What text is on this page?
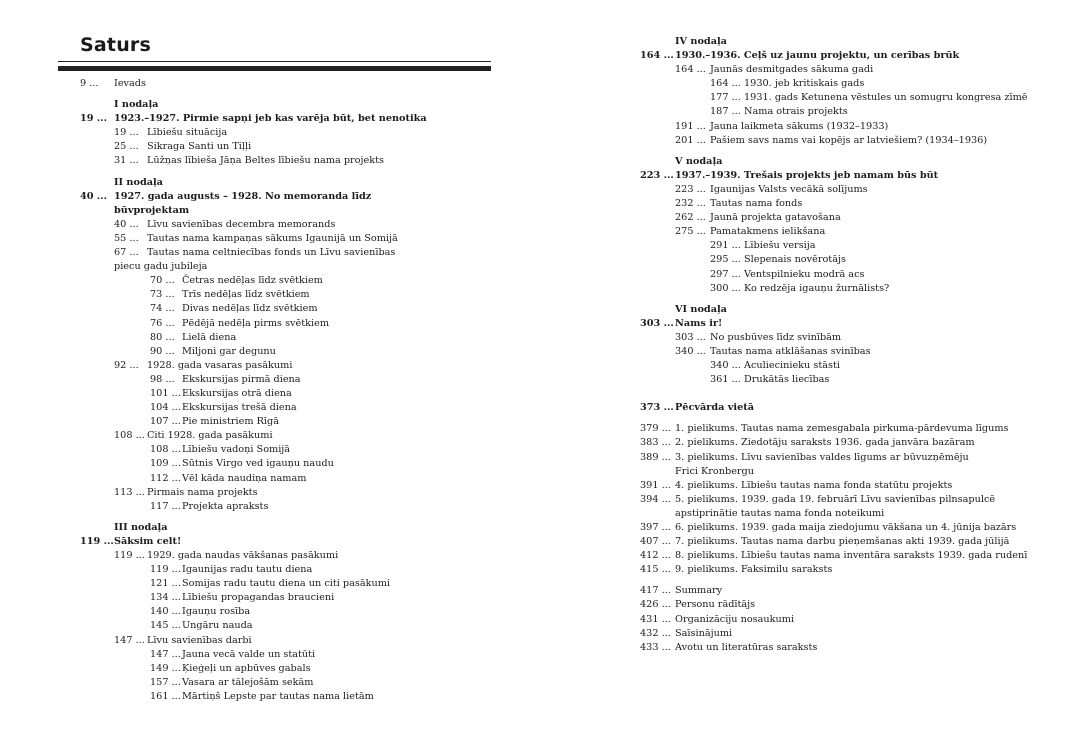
Saturs
9 ... Ievads
I nodaļa
19 ... 1923.–1927. Pirmie sapņi jeb kas varēja būt, bet nenotika
19 ... Lībiešu situācija
25 ... Sikraga Santi un Tiļļi
31 ... Lūžņas lībieša Jāņa Beltes lībiešu nama projekts
II nodaļa
40 ... 1927. gada augusts – 1928. No memoranda līdz
būvprojektam
40 ... Līvu savienības decembra memorands
55 ... Tautas nama kampaņas sākums Igaunijā un Somijā
67 ... Tautas nama celtniecības fonds un Līvu savienības
piecu gadu jubileja
70 ... Četras nedēļas līdz svētkiem
73 ... Trīs nedēļas līdz svētkiem
74 ... Divas nedēļas līdz svētkiem
76 ... Pēdējā nedēļa pirms svētkiem
80 ... Lielā diena
90 ... Miljoni gar degunu
92 ... 1928. gada vasaras pasākumi
98 ... Ekskursijas pirmā diena
101 ... Ekskursijas otrā diena
104 ... Ekskursijas trešā diena
107 ... Pie ministriem Rīgā
108 ... Citi 1928. gada pasākumi
108 ... Lībiešu vadoņi Somijā
109 ... Sūtnis Virgo ved igauņu naudu
112 ... Vēl kāda naudiņa namam
113 ... Pirmais nama projekts
117 ... Projekta apraksts
III nodaļa
119 ... Sāksim celt!
119 ... 1929. gada naudas vākšanas pasākumi
119 ... Igaunijas radu tautu diena
121 ... Somijas radu tautu diena un citi pasākumi
134 ... Lībiešu propagandas braucieni
140 ... Igauņu rosība
145 ... Ungāru nauda
147 ... Līvu savienības darbi
147 ... Jauna vecā valde un statūti
149 ... Ķieģeļi un apbūves gabals
157 ... Vasara ar tālejošām sekām
161 ... Mārtiņš Lepste par tautas nama lietām
IV nodaļa
164 ... 1930.–1936. Ceļš uz jaunu projektu, un cerības brūk
164 ... Jaunās desmitgades sākuma gadi
164 ... 1930. jeb kritiskais gads
177 ... 1931. gads Ketunena vēstules un somugru kongresa zīmē
187 ... Nama otrais projekts
191 ... Jauna laikmeta sākums (1932–1933)
201 ... Pašiem savs nams vai kopējs ar latviešiem? (1934–1936)
V nodaļa
223 ... 1937.–1939. Trešais projekts jeb namam būs būt
223 ... Igaunijas Valsts vecākā solījums
232 ... Tautas nama fonds
262 ... Jaunā projekta gatavošana
275 ... Pamatakmens ielikšana
291 ... Lībiešu versija
295 ... Slepenais novērotājs
297 ... Ventspilnieku modrā acs
300 ... Ko redzēja igauņu žurnālists?
VI nodaļa
303 ... Nams ir!
303 ... No pusbūves līdz svinībām
340 ... Tautas nama atklāšanas svinības
340 ... Aculiecinieku stāsti
361 ... Drukātās liecības
373 ... Pēcvārda vietā
379 ... 1. pielikums. Tautas nama zemesgabala pirkuma-pārdevuma līgums
383 ... 2. pielikums. Ziedotāju saraksts 1936. gada janvāra bazāram
389 ... 3. pielikums. Līvu savienības valdes līgums ar būvuzņēmēju
Frici Kronbergu
391 ... 4. pielikums. Lībiešu tautas nama fonda statūtu projekts
394 ... 5. pielikums. 1939. gada 19. februārī Līvu savienības pilnsapulcē
apstiprinātie tautas nama fonda noteikumi
397 ... 6. pielikums. 1939. gada maija ziedojumu vākšana un 4. jūnija bazārs
407 ... 7. pielikums. Tautas nama darbu pieņemšanas akti 1939. gada jūlijā
412 ... 8. pielikums. Lībiešu tautas nama inventāra saraksts 1939. gada rudenī
415 ... 9. pielikums. Faksimilu saraksts
417 ... Summary
426 ... Personu rādītājs
431 ... Organizāciju nosaukumi
432 ... Saīsinājumi
433 ... Avotu un literatūras saraksts
